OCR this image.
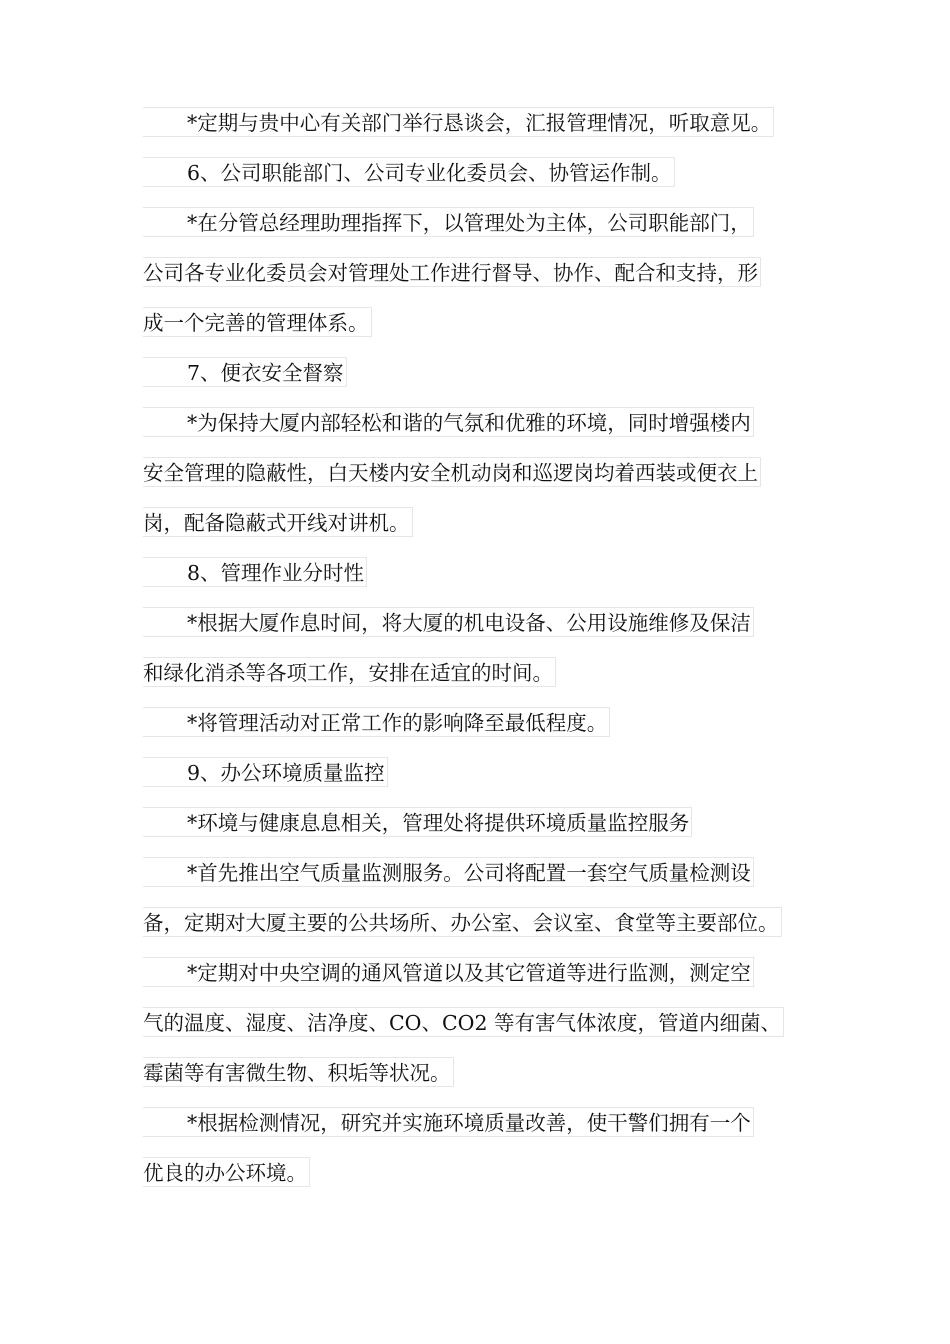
*定期与贵中心有关部门举行恳谈会，汇报管理情况，听取意见。
6、公司职能部门、公司专业化委员会、协管运作制。
*在分管总经理助理指挥下，以管理处为主体，公司职能部门，
公司各专业化委员会对管理处工作进行督导、协作、配合和支持，形
成一个完善的管理体系。
7、便衣安全督察
*为保持大厦内部轻松和谐的气氛和优雅的环境，同时增强楼内
安全管理的隐蔽性，白天楼内安全机动岗和巡逻岗均着西装或便衣上
岗，配备隐蔽式开线对讲机。
8、管理作业分时性
*根据大厦作息时间，将大厦的机电设备、公用设施维修及保洁
和绿化消杀等各项工作，安排在适宜的时间。
*将管理活动对正常工作的影响降至最低程度。
9、办公环境质量监控
*环境与健康息息相关，管理处将提供环境质量监控服务
*首先推出空气质量监测服务。公司将配置一套空气质量检测设
备，定期对大厦主要的公共场所、办公室、会议室、食堂等主要部位。
*定期对中央空调的通风管道以及其它管道等进行监测，测定空
气的温度、湿度、洁净度、CO、CO2 等有害气体浓度，管道内细菌、
霉菌等有害微生物、积垢等状况。
*根据检测情况，研究并实施环境质量改善，使干警们拥有一个
优良的办公环境。
